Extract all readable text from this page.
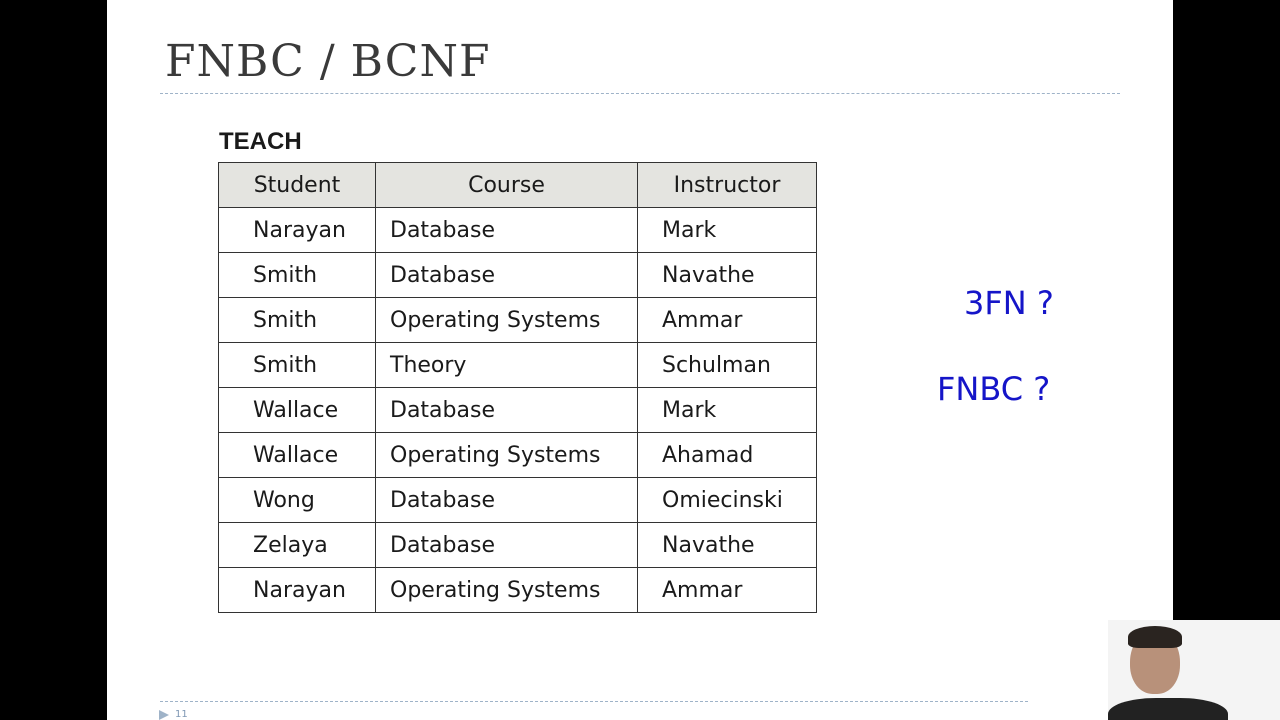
FNBC / BCNF
TEACH
Student	Course	Instructor
Narayan	Database	Mark
Smith	Database	Navathe
Smith	Operating Systems	Ammar
Smith	Theory	Schulman
Wallace	Database	Mark
Wallace	Operating Systems	Ahamad
Wong	Database	Omiecinski
Zelaya	Database	Navathe
Narayan	Operating Systems	Ammar
3FN ?
FNBC ?
11
